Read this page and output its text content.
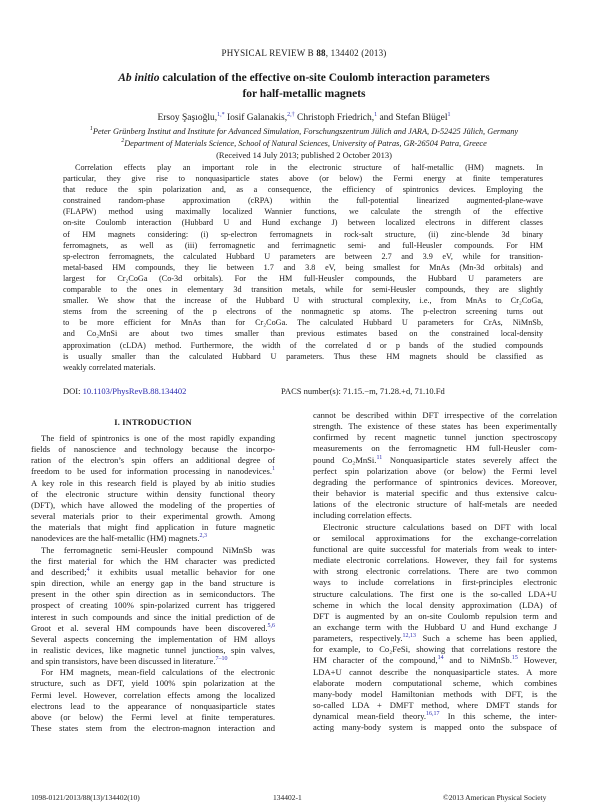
PHYSICAL REVIEW B 88, 134402 (2013)
Ab initio calculation of the effective on-site Coulomb interaction parameters
for half-metallic magnets
Ersoy Şaşıoğlu,$^{1,*}$ Iosif Galanakis,$^{2,\dagger}$ Christoph Friedrich,$^1$ and Stefan Blügel$^1$
$^1$Peter Grünberg Institut and Institute for Advanced Simulation, Forschungszentrum Jülich and JARA, D-52425 Jülich, Germany
$^2$Department of Materials Science, School of Natural Sciences, University of Patras, GR-26504 Patra, Greece
(Received 14 July 2013; published 2 October 2013)
Correlation effects play an important role in the electronic structure of half-metallic (HM) magnets. In
particular, they give rise to nonquasiparticle states above (or below) the Fermi energy at finite temperatures
that reduce the spin polarization and, as a consequence, the efficiency of spintronics devices. Employing the
constrained random-phase approximation (cRPA) within the full-potential linearized augmented-plane-wave
(FLAPW) method using maximally localized Wannier functions, we calculate the strength of the effective
on-site Coulomb interaction (Hubbard U and Hund exchange J) between localized electrons in different classes
of HM magnets considering: (i) sp-electron ferromagnets in rock-salt structure, (ii) zinc-blende 3d binary
ferromagnets, as well as (iii) ferromagnetic and ferrimagnetic semi- and full-Heusler compounds. For HM
sp-electron ferromagnets, the calculated Hubbard U parameters are between 2.7 and 3.9 eV, while for transition-
metal-based HM compounds, they lie between 1.7 and 3.8 eV, being smallest for MnAs (Mn-3d orbitals) and
largest for Cr₂CoGa (Co-3d orbitals). For the HM full-Heusler compounds, the Hubbard U parameters are
comparable to the ones in elementary 3d transition metals, while for semi-Heusler compounds, they are slightly
smaller. We show that the increase of the Hubbard U with structural complexity, i.e., from MnAs to Cr₂CoGa,
stems from the screening of the p electrons of the nonmagnetic sp atoms. The p-electron screening turns out
to be more efficient for MnAs than for Cr₂CoGa. The calculated Hubbard U parameters for CrAs, NiMnSb,
and Co₂MnSi are about two times smaller than previous estimates based on the constrained local-density
approximation (cLDA) method. Furthermore, the width of the correlated d or p bands of the studied compounds
is usually smaller than the calculated Hubbard U parameters. Thus these HM magnets should be classified as
weakly correlated materials.
DOI: 10.1103/PhysRevB.88.134402	PACS number(s): 71.15.−m, 71.28.+d, 71.10.Fd
I. INTRODUCTION
The field of spintronics is one of the most rapidly expanding
fields of nanoscience and technology because the incorpo-
ration of the electron’s spin offers an additional degree of
freedom to be used for information processing in nanodevices.$^1$
A key role in this research field is played by ab initio studies
of the electronic structure within density functional theory
(DFT), which have allowed the modeling of the properties of
several materials prior to their experimental growth. Among
the materials that might find application in future magnetic
nanodevices are the half-metallic (HM) magnets.$^{2,3}$
The ferromagnetic semi-Heusler compound NiMnSb was
the first material for which the HM character was predicted
and described;$^4$ it exhibits usual metallic behavior for one
spin direction, while an energy gap in the band structure is
present in the other spin direction as in semiconductors. The
prospect of creating 100% spin-polarized current has triggered
interest in such compounds and since the initial prediction of de
Groot et al. several HM compounds have been discovered.$^{5,6}$
Several aspects concerning the implementation of HM alloys
in realistic devices, like magnetic tunnel junctions, spin valves,
and spin transistors, have been discussed in literature.$^{7-10}$
For HM magnets, mean-field calculations of the electronic
structure, such as DFT, yield 100% spin polarization at the
Fermi level. However, correlation effects among the localized
electrons lead to the appearance of nonquasiparticle states
above (or below) the Fermi level at finite temperatures.
These states stem from the electron-magnon interaction and
cannot be described within DFT irrespective of the correlation
strength. The existence of these states has been experimentally
confirmed by recent magnetic tunnel junction spectroscopy
measurements on the ferromagnetic HM full-Heusler com-
pound Co₂MnSi.$^{11}$ Nonquasiparticle states severely affect the
perfect spin polarization above (or below) the Fermi level
degrading the performance of spintronics devices. Moreover,
their behavior is material specific and thus extensive calcu-
lations of the electronic structure of half-metals are needed
including correlation effects.
Electronic structure calculations based on DFT with local
or semilocal approximations for the exchange-correlation
functional are quite successful for materials from weak to inter-
mediate electronic correlations. However, they fail for systems
with strong electronic correlations. There are two common
ways to include correlations in first-principles electronic
structure calculations. The first one is the so-called LDA+U
scheme in which the local density approximation (LDA) of
DFT is augmented by an on-site Coulomb repulsion term and
an exchange term with the Hubbard U and Hund exchange J
parameters, respectively.$^{12,13}$ Such a scheme has been applied,
for example, to Co₂FeSi, showing that correlations restore the
HM character of the compound,$^{14}$ and to NiMnSb.$^{15}$ However,
LDA+U cannot describe the nonquasiparticle states. A more
elaborate modern computational scheme, which combines
many-body model Hamiltonian methods with DFT, is the
so-called LDA + DMFT method, where DMFT stands for
dynamical mean-field theory.$^{16,17}$ In this scheme, the inter-
acting many-body system is mapped onto the subspace of
1098-0121/2013/88(13)/134402(10)	134402-1	©2013 American Physical Society
